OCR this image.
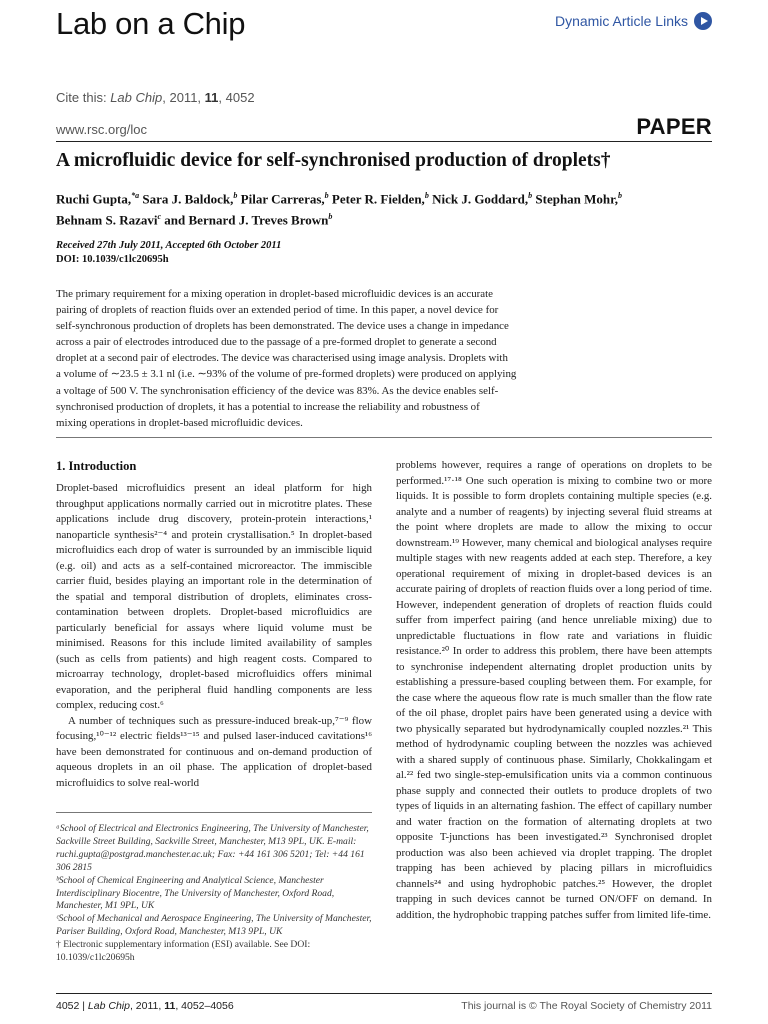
Lab on a Chip	Dynamic Article Links
Cite this: Lab Chip, 2011, 11, 4052
www.rsc.org/loc	PAPER
A microfluidic device for self-synchronised production of droplets†
Ruchi Gupta,$^{*a}$ Sara J. Baldock,$^b$ Pilar Carreras,$^b$ Peter R. Fielden,$^b$ Nick J. Goddard,$^b$ Stephan Mohr,$^b$
Behnam S. Razavi$^c$ and Bernard J. Treves Brown$^b$
Received 27th July 2011, Accepted 6th October 2011
DOI: 10.1039/c1lc20695h
The primary requirement for a mixing operation in droplet-based microfluidic devices is an accurate
pairing of droplets of reaction fluids over an extended period of time. In this paper, a novel device for
self-synchronous production of droplets has been demonstrated. The device uses a change in impedance
across a pair of electrodes introduced due to the passage of a pre-formed droplet to generate a second
droplet at a second pair of electrodes. The device was characterised using image analysis. Droplets with
a volume of ∼23.5 ± 3.1 nl (i.e. ∼93% of the volume of pre-formed droplets) were produced on applying
a voltage of 500 V. The synchronisation efficiency of the device was 83%. As the device enables self-
synchronised production of droplets, it has a potential to increase the reliability and robustness of
mixing operations in droplet-based microfluidic devices.
1. Introduction

Droplet-based microfluidics present an ideal platform for high throughput applications normally carried out in microtitre plates. These applications include drug discovery, protein-protein interactions,¹ nanoparticle synthesis²⁻⁴ and protein crystallisation.⁵ In droplet-based microfluidics each drop of water is surrounded by an immiscible liquid (e.g. oil) and acts as a self-contained microreactor. The immiscible carrier fluid, besides playing an important role in the determination of the spatial and temporal distribution of droplets, eliminates cross-contamination between droplets. Droplet-based microfluidics are particularly beneficial for assays where liquid volume must be minimised. Reasons for this include limited availability of samples (such as cells from patients) and high reagent costs. Compared to microarray technology, droplet-based microfluidics offers minimal evaporation, and the peripheral fluid handling components are less complex, reducing cost.⁶

A number of techniques such as pressure-induced break-up,⁷⁻⁹ flow focusing,¹⁰⁻¹² electric fields¹³⁻¹⁵ and pulsed laser-induced cavitations¹⁶ have been demonstrated for continuous and on-demand production of aqueous droplets in an oil phase. The application of droplet-based microfluidics to solve real-world

ᵃSchool of Electrical and Electronics Engineering, The University of Manchester, Sackville Street Building, Sackville Street, Manchester, M13 9PL, UK. E-mail: ruchi.gupta@postgrad.manchester.ac.uk; Fax: +44 161 306 5201; Tel: +44 161 306 2815

ᵇSchool of Chemical Engineering and Analytical Science, Manchester Interdisciplinary Biocentre, The University of Manchester, Oxford Road, Manchester, M1 9PL, UK

ᶜSchool of Mechanical and Aerospace Engineering, The University of Manchester, Pariser Building, Oxford Road, Manchester, M13 9PL, UK

† Electronic supplementary information (ESI) available. See DOI: 10.1039/c1lc20695h

problems however, requires a range of operations on droplets to be performed.¹⁷·¹⁸ One such operation is mixing to combine two or more liquids. It is possible to form droplets containing multiple species (e.g. analyte and a number of reagents) by injecting several fluid streams at the point where droplets are made to allow the mixing to occur downstream.¹⁹ However, many chemical and biological analyses require multiple stages with new reagents added at each step. Therefore, a key operational requirement of mixing in droplet-based devices is an accurate pairing of droplets of reaction fluids over a long period of time. However, independent generation of droplets of reaction fluids could suffer from imperfect pairing (and hence unreliable mixing) due to unpredictable fluctuations in flow rate and variations in fluidic resistance.²⁰ In order to address this problem, there have been attempts to synchronise independent alternating droplet production units by establishing a pressure-based coupling between them. For example, for the case where the aqueous flow rate is much smaller than the flow rate of the oil phase, droplet pairs have been generated using a device with two physically separated but hydrodynamically coupled nozzles.²¹ This method of hydrodynamic coupling between the nozzles was achieved with a shared supply of continuous phase. Similarly, Chokkalingam et al.²² fed two single-step-emulsification units via a common continuous phase supply and connected their outlets to produce droplets of two types of liquids in an alternating fashion. The effect of capillary number and water fraction on the formation of alternating droplets at two opposite T-junctions has been investigated.²³ Synchronised droplet production was also been achieved via droplet trapping. The droplet trapping has been achieved by placing pillars in microfluidics channels²⁴ and using hydrophobic patches.²⁵ However, the droplet trapping in such devices cannot be turned ON/OFF on demand. In addition, the hydrophobic trapping patches suffer from limited life-time.

4052 | Lab Chip, 2011, 11, 4052–4056	This journal is © The Royal Society of Chemistry 2011
